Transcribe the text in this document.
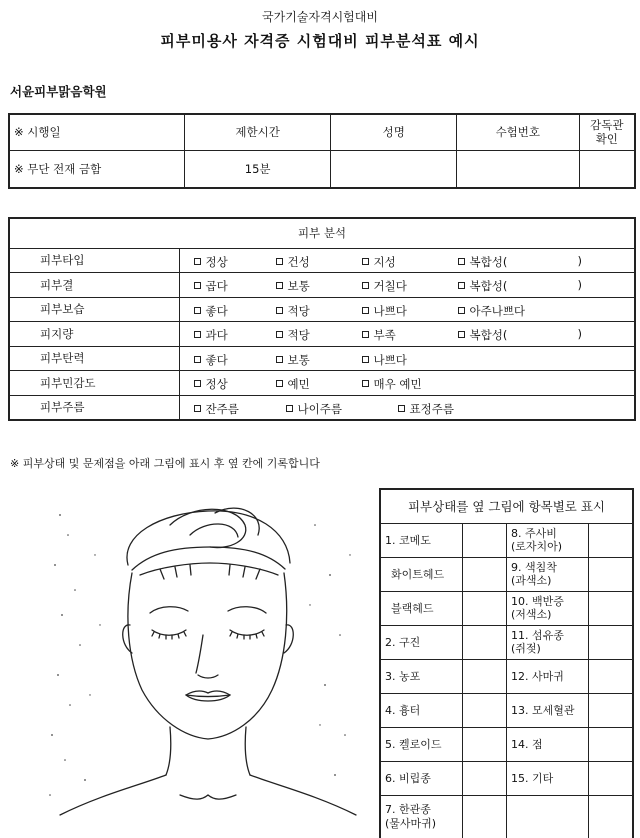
국가기술자격시험대비
피부미용사 자격증 시험대비 피부분석표 예시
서윤피부맑음학원
※ 시행일	제한시간	성명	수험번호	감독관
확인
※ 무단 전재 금함	15분			
피부 분석	
피부타입	정상 건성 지성 복합성( )

피부결	곱다 보통 거칠다 복합성( )

피부보습	좋다 적당 나쁘다 아주나쁘다

피지량	과다 적당 부족 복합성( )

피부탄력	좋다 보통 나쁘다

피부민감도	정상 예민 매우 예민

피부주름	잔주름 나이주름 표정주름
※ 피부상태 및 문제점을 아래 그림에 표시 후 옆 칸에 기록합니다
피부상태를 옆 그림에 항목별로 표시			
1. 코메도		8. 주사비
(로자치아)	
화이트헤드		9. 색침착
(과색소)	
블랙헤드		10. 백반증
(저색소)	
2. 구진		11. 섬유종
(쥐젖)	
3. 농포		12. 사마귀	
4. 흉터		13. 모세혈관	
5. 켈로이드		14. 점	
6. 비립종		15. 기타	
7. 한관종
(물사마귀)			
